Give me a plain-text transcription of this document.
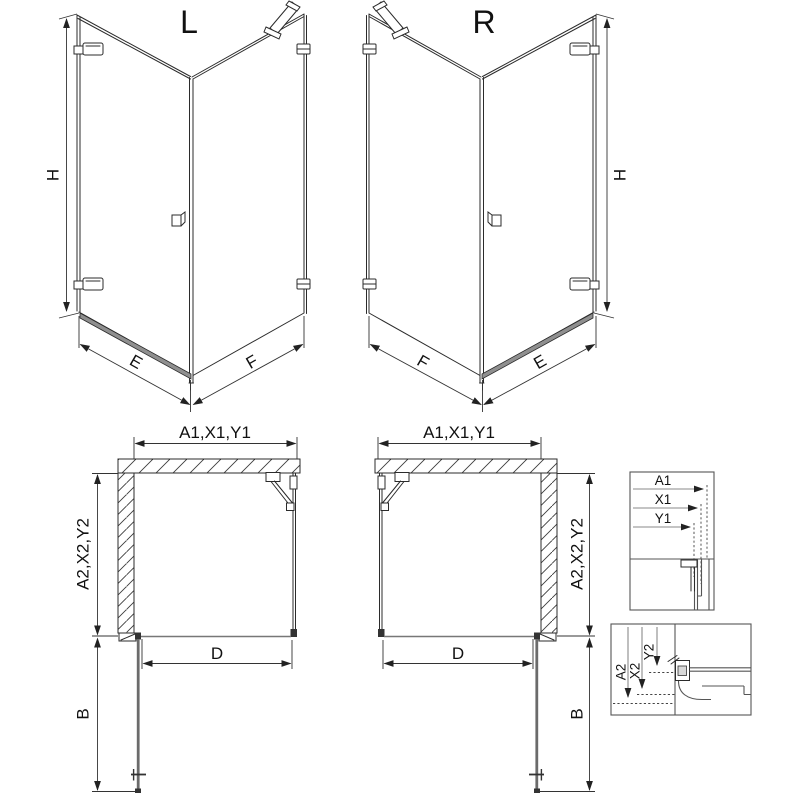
H
E	F
L
H
F	E
R
A1,X1,Y1
A2,X2,Y2
D
B
A1,X1,Y1
A2,X2,Y2
D
B
A1
X1
Y1
A2 X2
Y2
